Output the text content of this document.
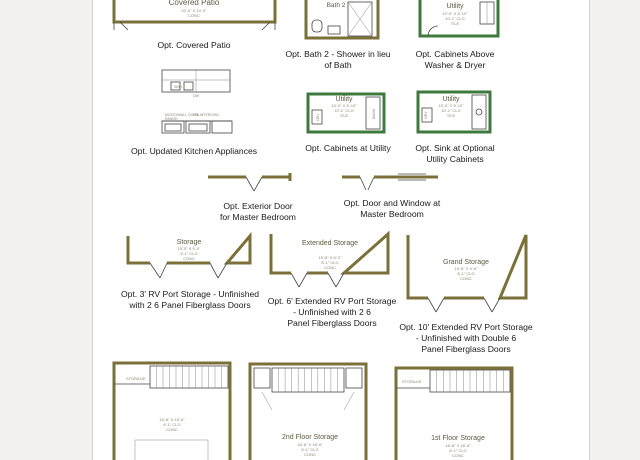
Covered Patio
20'-0" X 10'-0"
CONC
Opt. Covered Patio
Bath 2
Opt. Bath 2 - Shower in lieu
of Bath
Utility
10'-0" X 5'-10"
10'-1" CLG
TILE
Opt. Cabinets Above
Washer & Dryer
SINK
DW
MICRO/WALL OVEN
COUNTER/GRD
RANGE
Opt. Updated Kitchen Appliances
WASH
DRY
Utility
10'-0" X 5'-10"
10'-1" CLG
TILE
Opt. Cabinets at Utility
DRY
Utility
10'-0" X 5'-10"
10'-1" CLG
TILE
Opt. Sink at Optional
Utility Cabinets
Opt. Exterior Door
for Master Bedroom
Opt. Door and Window at
Master Bedroom
Storage
15'-5" X 5'-0"
8'-1" CLG
CONC
Opt. 3' RV Port Storage - Unfinished
with 2 6 Panel Fiberglass Doors
Extended Storage
15'-8" X 6'-0"
8'-1" CLG
CONC
Opt. 6' Extended RV Port Storage
- Unfinished with 2 6
Panel Fiberglass Doors
Grand Storage
15'-8" X 9'-8"
8'-1" CLG
CONC
Opt. 10' Extended RV Port Storage
- Unfinished with Double 6
Panel Fiberglass Doors
STORAGE
16'-8" X 18'-6"
8'-1" CLG
CONC
2nd Floor Storage
16'-8" X 18'-6"
8'-1" CLG
CONC
STORAGE
1st Floor Storage
16'-8" X 18'-6"
8'-1" CLG
CONC
